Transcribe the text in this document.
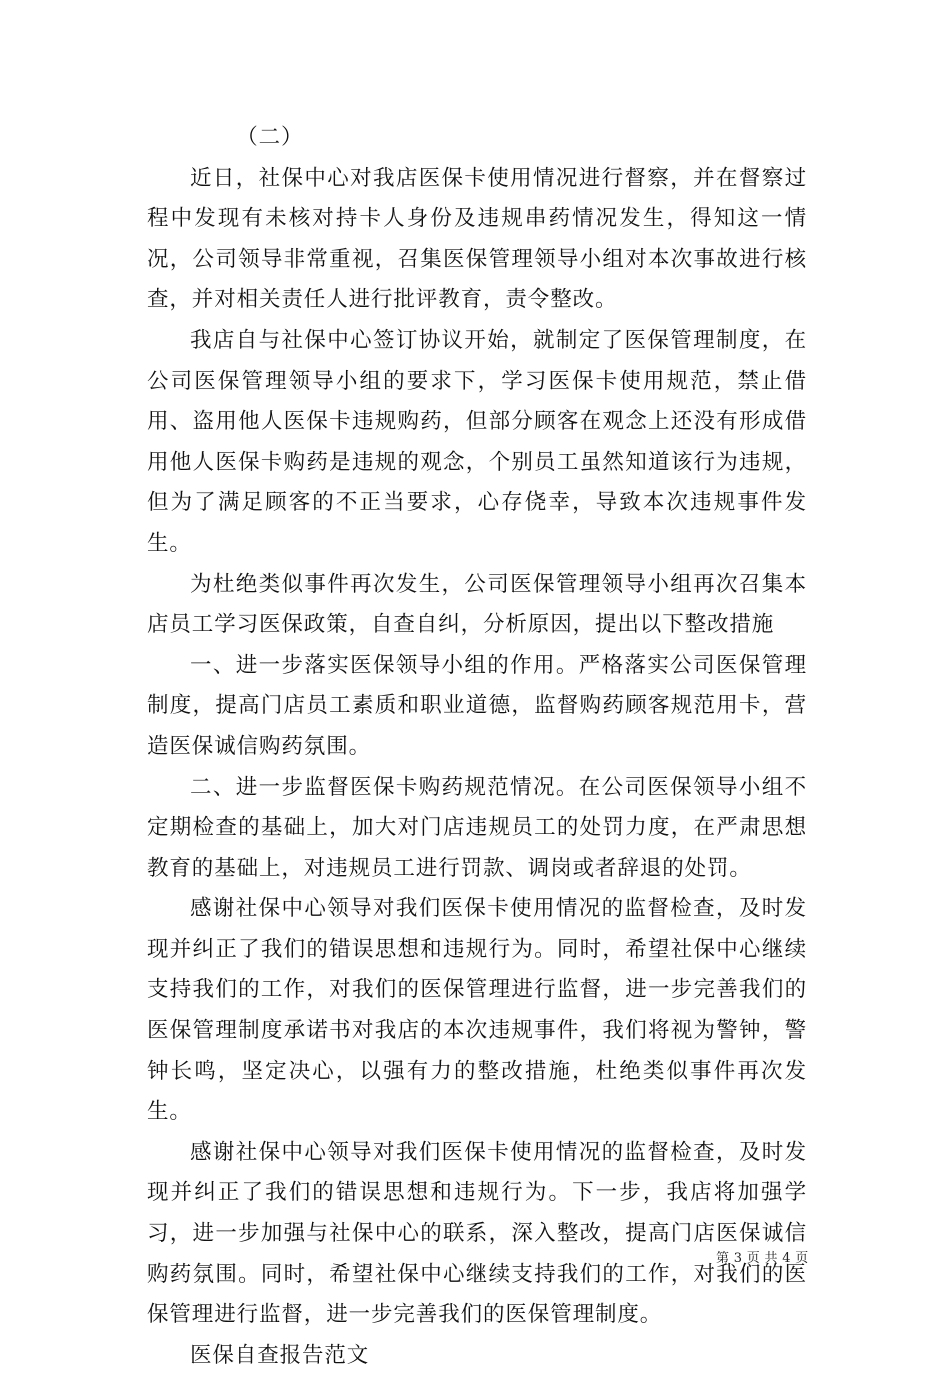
（二）

近日，社保中心对我店医保卡使用情况进行督察，并在督察过程中发现有未核对持卡人身份及违规串药情况发生，得知这一情况，公司领导非常重视，召集医保管理领导小组对本次事故进行核查，并对相关责任人进行批评教育，责令整改。

我店自与社保中心签订协议开始，就制定了医保管理制度，在公司医保管理领导小组的要求下，学习医保卡使用规范，禁止借用、盗用他人医保卡违规购药，但部分顾客在观念上还没有形成借用他人医保卡购药是违规的观念，个别员工虽然知道该行为违规，但为了满足顾客的不正当要求，心存侥幸，导致本次违规事件发生。

为杜绝类似事件再次发生，公司医保管理领导小组再次召集本店员工学习医保政策，自查自纠，分析原因，提出以下整改措施

一、进一步落实医保领导小组的作用。严格落实公司医保管理制度，提高门店员工素质和职业道德，监督购药顾客规范用卡，营造医保诚信购药氛围。

二、进一步监督医保卡购药规范情况。在公司医保领导小组不定期检查的基础上，加大对门店违规员工的处罚力度，在严肃思想教育的基础上，对违规员工进行罚款、调岗或者辞退的处罚。

感谢社保中心领导对我们医保卡使用情况的监督检查，及时发现并纠正了我们的错误思想和违规行为。同时，希望社保中心继续支持我们的工作，对我们的医保管理进行监督，进一步完善我们的医保管理制度承诺书对我店的本次违规事件，我们将视为警钟，警钟长鸣，坚定决心，以强有力的整改措施，杜绝类似事件再次发生。

感谢社保中心领导对我们医保卡使用情况的监督检查，及时发现并纠正了我们的错误思想和违规行为。下一步，我店将加强学习，进一步加强与社保中心的联系，深入整改，提高门店医保诚信购药氛围。同时，希望社保中心继续支持我们的工作，对我们的医保管理进行监督，进一步完善我们的医保管理制度。

医保自查报告范文

第 3 页 共 4 页
